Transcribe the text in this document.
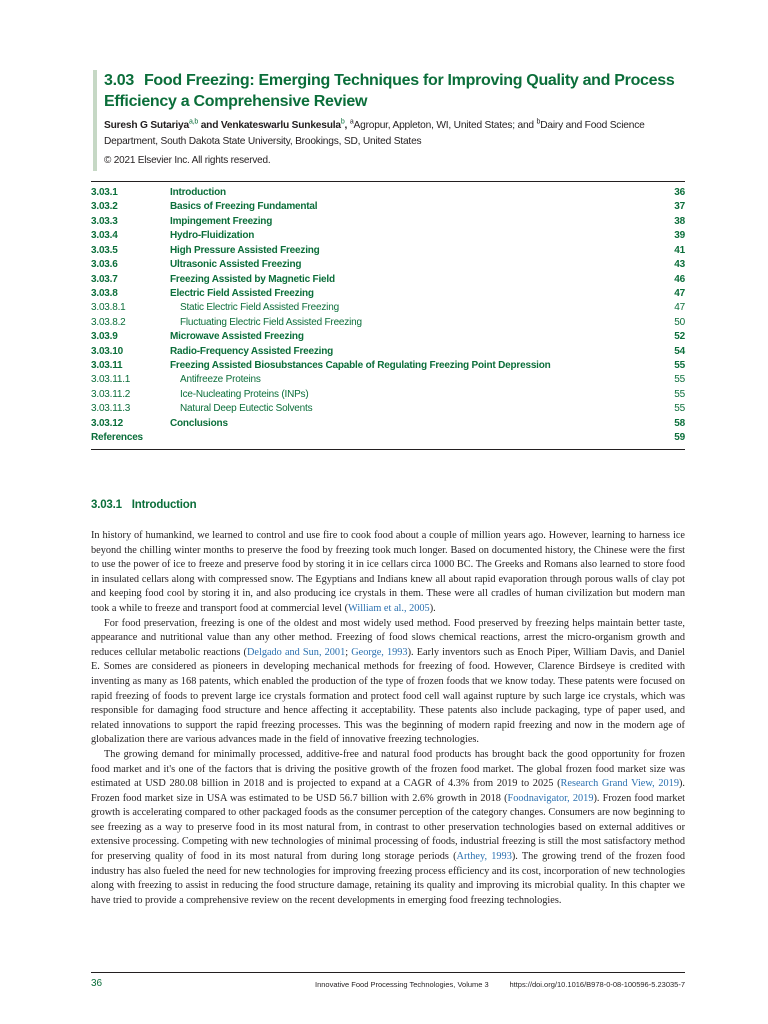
3.03 Food Freezing: Emerging Techniques for Improving Quality and Process Efficiency a Comprehensive Review
Suresh G Sutariya$^{a,b}$ and Venkateswarlu Sunkesula$^b$, $^a$Agropur, Appleton, WI, United States; and $^b$Dairy and Food Science Department, South Dakota State University, Brookings, SD, United States
© 2021 Elsevier Inc. All rights reserved.
3.03.1	Introduction	36
3.03.2	Basics of Freezing Fundamental	37
3.03.3	Impingement Freezing	38
3.03.4	Hydro-Fluidization	39
3.03.5	High Pressure Assisted Freezing	41
3.03.6	Ultrasonic Assisted Freezing	43
3.03.7	Freezing Assisted by Magnetic Field	46
3.03.8	Electric Field Assisted Freezing	47
3.03.8.1	Static Electric Field Assisted Freezing	47
3.03.8.2	Fluctuating Electric Field Assisted Freezing	50
3.03.9	Microwave Assisted Freezing	52
3.03.10	Radio-Frequency Assisted Freezing	54
3.03.11	Freezing Assisted Biosubstances Capable of Regulating Freezing Point Depression	55
3.03.11.1	Antifreeze Proteins	55
3.03.11.2	Ice-Nucleating Proteins (INPs)	55
3.03.11.3	Natural Deep Eutectic Solvents	55
3.03.12	Conclusions	58
References	59
3.03.1 Introduction

In history of humankind, we learned to control and use fire to cook food about a couple of million years ago. However, learning to harness ice beyond the chilling winter months to preserve the food by freezing took much longer. Based on documented history, the Chinese were the first to use the power of ice to freeze and preserve food by storing it in ice cellars circa 1000 BC. The Greeks and Romans also learned to store food in insulated cellars along with compressed snow. The Egyptians and Indians knew all about rapid evaporation through porous walls of clay pot and keeping food cool by storing it in, and also producing ice crystals in them. These were all cradles of human civilization but modern man took a while to freeze and transport food at commercial level (William et al., 2005).

For food preservation, freezing is one of the oldest and most widely used method. Food preserved by freezing helps maintain better taste, appearance and nutritional value than any other method. Freezing of food slows chemical reactions, arrest the micro-organism growth and reduces cellular metabolic reactions (Delgado and Sun, 2001; George, 1993). Early inventors such as Enoch Piper, William Davis, and Daniel E. Somes are considered as pioneers in developing mechanical methods for freezing of food. However, Clarence Birdseye is credited with inventing as many as 168 patents, which enabled the production of the type of frozen foods that we know today. These patents were focused on rapid freezing of foods to prevent large ice crystals formation and protect food cell wall against rupture by such large ice crystals, which was responsible for damaging food structure and hence affecting it acceptability. These patents also include packaging, type of paper used, and related innovations to support the rapid freezing processes. This was the beginning of modern rapid freezing and now in the modern age of globalization there are various advances made in the field of innovative freezing technologies.

The growing demand for minimally processed, additive-free and natural food products has brought back the good opportunity for frozen food market and it's one of the factors that is driving the positive growth of the frozen food market. The global frozen food market size was estimated at USD 280.08 billion in 2018 and is projected to expand at a CAGR of 4.3% from 2019 to 2025 (Research Grand View, 2019). Frozen food market size in USA was estimated to be USD 56.7 billion with 2.6% growth in 2018 (Foodnavigator, 2019). Frozen food market growth is accelerating compared to other packaged foods as the consumer perception of the category changes. Consumers are now beginning to see freezing as a way to preserve food in its most natural from, in contrast to other preservation technologies based on external additives or extensive processing. Competing with new technologies of minimal processing of foods, industrial freezing is still the most satisfactory method for preserving quality of food in its most natural from during long storage periods (Arthey, 1993). The growing trend of the frozen food industry has also fueled the need for new technologies for improving freezing process efficiency and its cost, incorporation of new technologies along with freezing to assist in reducing the food structure damage, retaining its quality and improving its microbial quality. In this chapter we have tried to provide a comprehensive review on the recent developments in emerging food freezing technologies.

36	Innovative Food Processing Technologies, Volume 3	https://doi.org/10.1016/B978-0-08-100596-5.23035-7
